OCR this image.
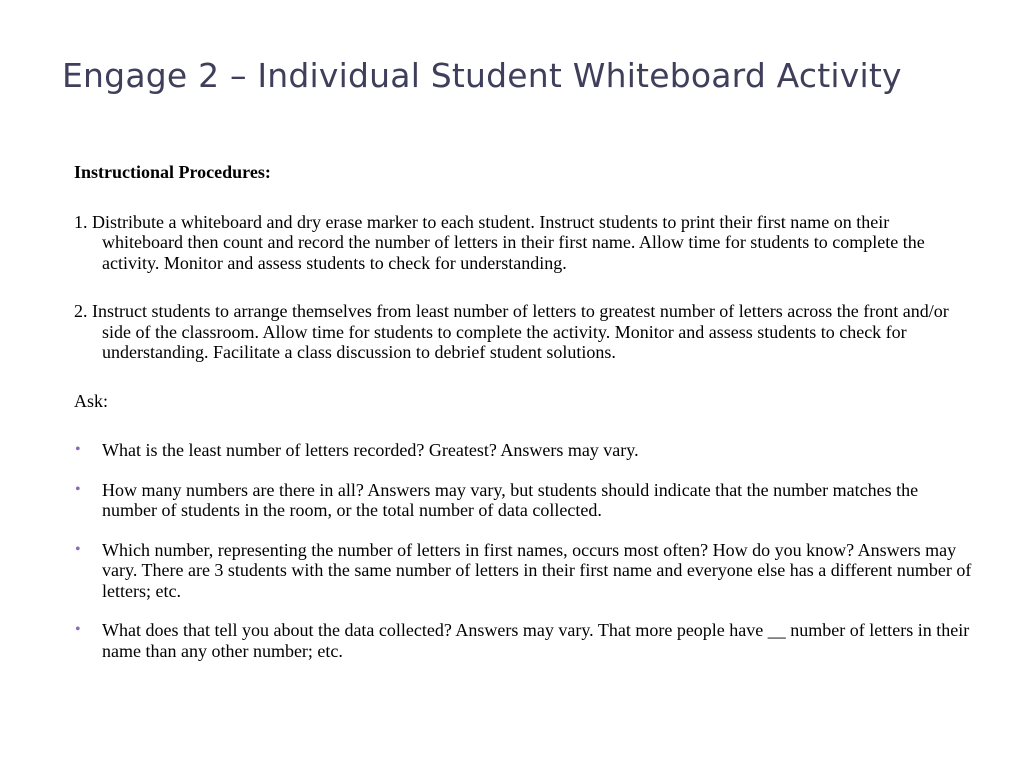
Engage 2 – Individual Student Whiteboard Activity

Instructional Procedures:

1. Distribute a whiteboard and dry erase marker to each student. Instruct students to print their first name on their whiteboard then count and record the number of letters in their first name. Allow time for students to complete the activity. Monitor and assess students to check for understanding.

2. Instruct students to arrange themselves from least number of letters to greatest number of letters across the front and/or side of the classroom. Allow time for students to complete the activity. Monitor and assess students to check for understanding. Facilitate a class discussion to debrief student solutions.

Ask:

• What is the least number of letters recorded? Greatest? Answers may vary.
• How many numbers are there in all? Answers may vary, but students should indicate that the number matches the number of students in the room, or the total number of data collected.
• Which number, representing the number of letters in first names, occurs most often? How do you know? Answers may vary. There are 3 students with the same number of letters in their first name and everyone else has a different number of letters; etc.
• What does that tell you about the data collected? Answers may vary. That more people have __ number of letters in their name than any other number; etc.
